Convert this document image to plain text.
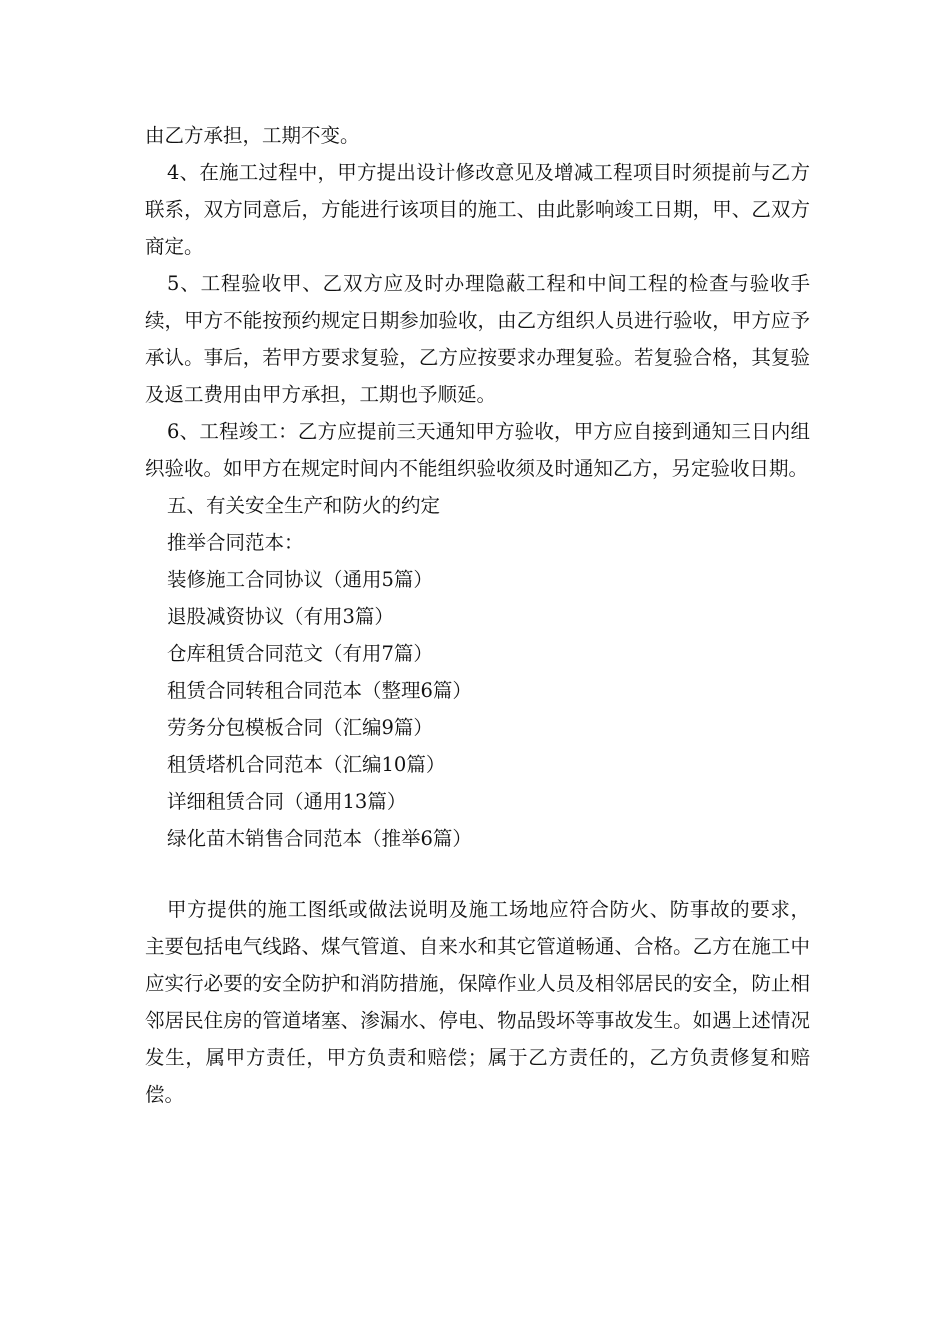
由乙方承担，工期不变。

4、在施工过程中，甲方提出设计修改意见及增减工程项目时须提前与乙方联系，双方同意后，方能进行该项目的施工、由此影响竣工日期，甲、乙双方商定。

5、工程验收甲、乙双方应及时办理隐蔽工程和中间工程的检查与验收手续，甲方不能按预约规定日期参加验收，由乙方组织人员进行验收，甲方应予承认。事后，若甲方要求复验，乙方应按要求办理复验。若复验合格，其复验及返工费用由甲方承担，工期也予顺延。

6、工程竣工：乙方应提前三天通知甲方验收，甲方应自接到通知三日内组织验收。如甲方在规定时间内不能组织验收须及时通知乙方，另定验收日期。

五、有关安全生产和防火的约定

推举合同范本：

装修施工合同协议（通用5篇）

退股减资协议（有用3篇）

仓库租赁合同范文（有用7篇）

租赁合同转租合同范本（整理6篇）

劳务分包模板合同（汇编9篇）

租赁塔机合同范本（汇编10篇）

详细租赁合同（通用13篇）

绿化苗木销售合同范本（推举6篇）

甲方提供的施工图纸或做法说明及施工场地应符合防火、防事故的要求，主要包括电气线路、煤气管道、自来水和其它管道畅通、合格。乙方在施工中应实行必要的安全防护和消防措施，保障作业人员及相邻居民的安全，防止相邻居民住房的管道堵塞、渗漏水、停电、物品毁坏等事故发生。如遇上述情况发生，属甲方责任，甲方负责和赔偿；属于乙方责任的，乙方负责修复和赔偿。
